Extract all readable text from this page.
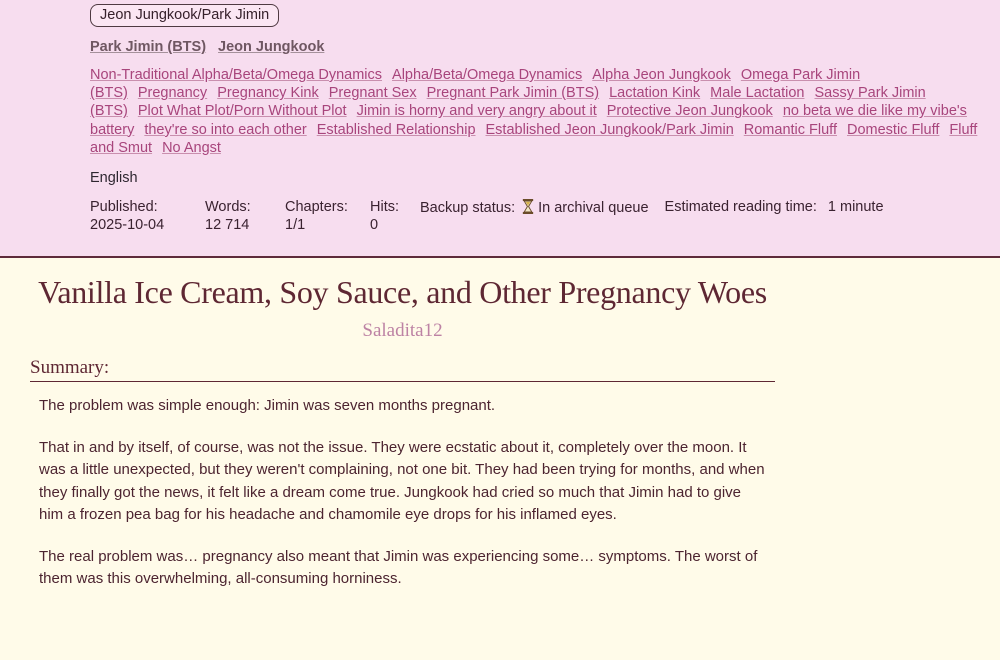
Jeon Jungkook/Park Jimin
Park Jimin (BTS) Jeon Jungkook
Non-Traditional Alpha/Beta/Omega Dynamics Alpha/Beta/Omega Dynamics Alpha Jeon Jungkook Omega Park Jimin (BTS) Pregnancy Pregnancy Kink Pregnant Sex Pregnant Park Jimin (BTS) Lactation Kink Male Lactation Sassy Park Jimin (BTS) Plot What Plot/Porn Without Plot Jimin is horny and very angry about it Protective Jeon Jungkook no beta we die like my vibe's battery they're so into each other Established Relationship Established Jeon Jungkook/Park Jimin Romantic Fluff Domestic Fluff Fluff and Smut No Angst
English
Published:
2025-10-04
Words:
12 714
Chapters:
1/1
Hits:
0
Backup status: In archival queue Estimated reading time: 1 minute
Vanilla Ice Cream, Soy Sauce, and Other Pregnancy Woes
Saladita12
Summary:

The problem was simple enough: Jimin was seven months pregnant.

That in and by itself, of course, was not the issue. They were ecstatic about it, completely over the moon. It was a little unexpected, but they weren't complaining, not one bit. They had been trying for months, and when they finally got the news, it felt like a dream come true. Jungkook had cried so much that Jimin had to give him a frozen pea bag for his headache and chamomile eye drops for his inflamed eyes.

The real problem was… pregnancy also meant that Jimin was experiencing some… symptoms. The worst of them was this overwhelming, all-consuming horniness.
